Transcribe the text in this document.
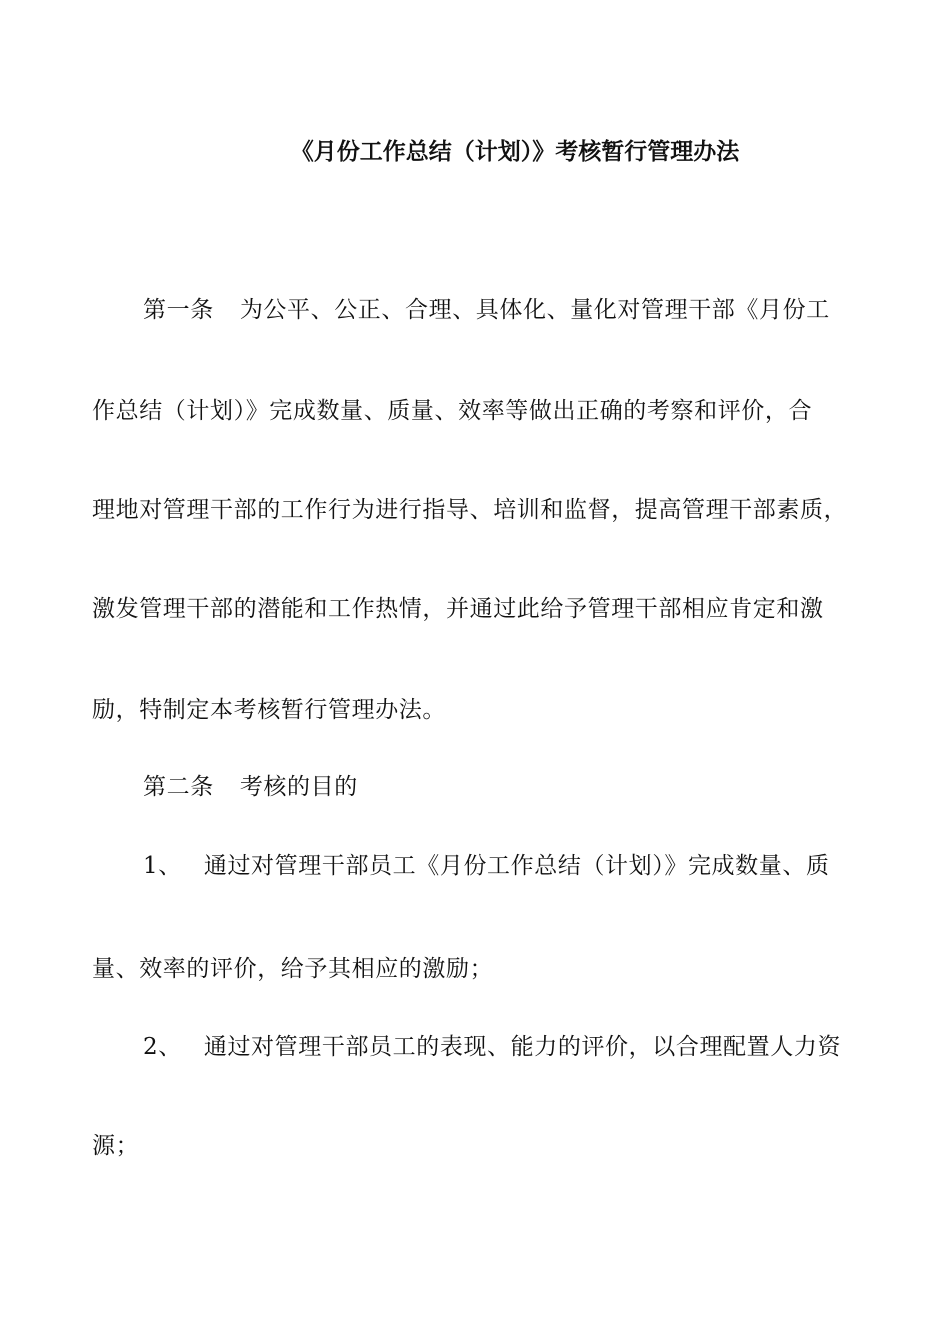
《月份工作总结（计划）》考核暂行管理办法
第一条 为公平、公正、合理、具体化、量化对管理干部《月份工
作总结（计划）》完成数量、质量、效率等做出正确的考察和评价，合
理地对管理干部的工作行为进行指导、培训和监督，提高管理干部素质，
激发管理干部的潜能和工作热情，并通过此给予管理干部相应肯定和激
励，特制定本考核暂行管理办法。
第二条 考核的目的
1、 通过对管理干部员工《月份工作总结（计划）》完成数量、质
量、效率的评价，给予其相应的激励；
2、 通过对管理干部员工的表现、能力的评价，以合理配置人力资
源；
